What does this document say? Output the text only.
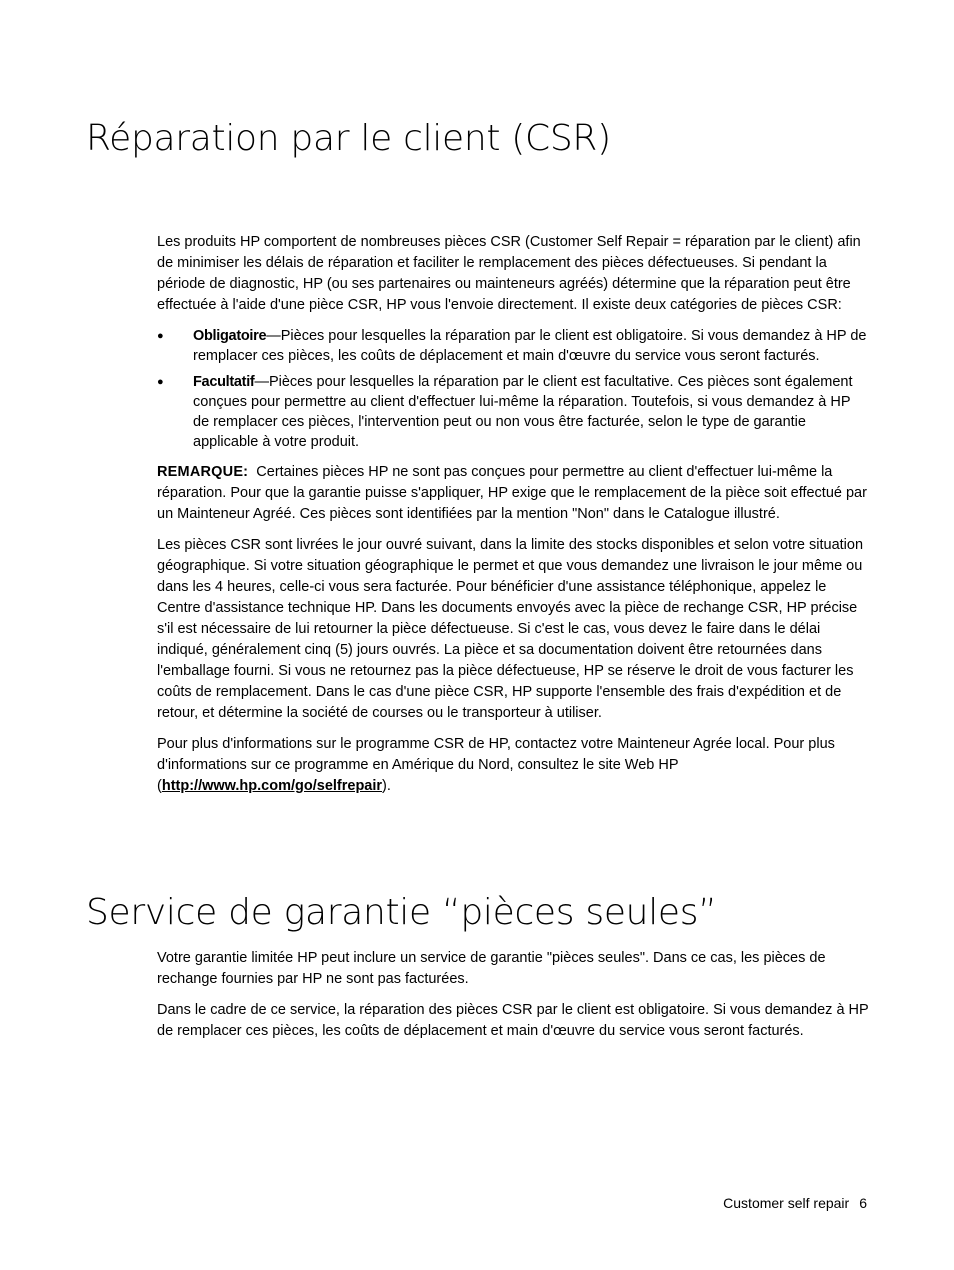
Réparation par le client (CSR)

Les produits HP comportent de nombreuses pièces CSR (Customer Self Repair = réparation par le client) afin de minimiser les délais de réparation et faciliter le remplacement des pièces défectueuses. Si pendant la période de diagnostic, HP (ou ses partenaires ou mainteneurs agréés) détermine que la réparation peut être effectuée à l'aide d'une pièce CSR, HP vous l'envoie directement. Il existe deux catégories de pièces CSR:

● Obligatoire—Pièces pour lesquelles la réparation par le client est obligatoire. Si vous demandez à HP de remplacer ces pièces, les coûts de déplacement et main d'œuvre du service vous seront facturés.
● Facultatif—Pièces pour lesquelles la réparation par le client est facultative. Ces pièces sont également conçues pour permettre au client d'effectuer lui-même la réparation. Toutefois, si vous demandez à HP de remplacer ces pièces, l'intervention peut ou non vous être facturée, selon le type de garantie applicable à votre produit.

REMARQUE: Certaines pièces HP ne sont pas conçues pour permettre au client d'effectuer lui-même la réparation. Pour que la garantie puisse s'appliquer, HP exige que le remplacement de la pièce soit effectué par un Mainteneur Agréé. Ces pièces sont identifiées par la mention "Non" dans le Catalogue illustré.

Les pièces CSR sont livrées le jour ouvré suivant, dans la limite des stocks disponibles et selon votre situation géographique. Si votre situation géographique le permet et que vous demandez une livraison le jour même ou dans les 4 heures, celle-ci vous sera facturée. Pour bénéficier d'une assistance téléphonique, appelez le Centre d'assistance technique HP. Dans les documents envoyés avec la pièce de rechange CSR, HP précise s'il est nécessaire de lui retourner la pièce défectueuse. Si c'est le cas, vous devez le faire dans le délai indiqué, généralement cinq (5) jours ouvrés. La pièce et sa documentation doivent être retournées dans l'emballage fourni. Si vous ne retournez pas la pièce défectueuse, HP se réserve le droit de vous facturer les coûts de remplacement. Dans le cas d'une pièce CSR, HP supporte l'ensemble des frais d'expédition et de retour, et détermine la société de courses ou le transporteur à utiliser.

Pour plus d'informations sur le programme CSR de HP, contactez votre Mainteneur Agrée local. Pour plus d'informations sur ce programme en Amérique du Nord, consultez le site Web HP (http://www.hp.com/go/selfrepair).

Service de garantie “pièces seules”

Votre garantie limitée HP peut inclure un service de garantie "pièces seules". Dans ce cas, les pièces de rechange fournies par HP ne sont pas facturées.

Dans le cadre de ce service, la réparation des pièces CSR par le client est obligatoire. Si vous demandez à HP de remplacer ces pièces, les coûts de déplacement et main d'œuvre du service vous seront facturés.

Customer self repair 6
